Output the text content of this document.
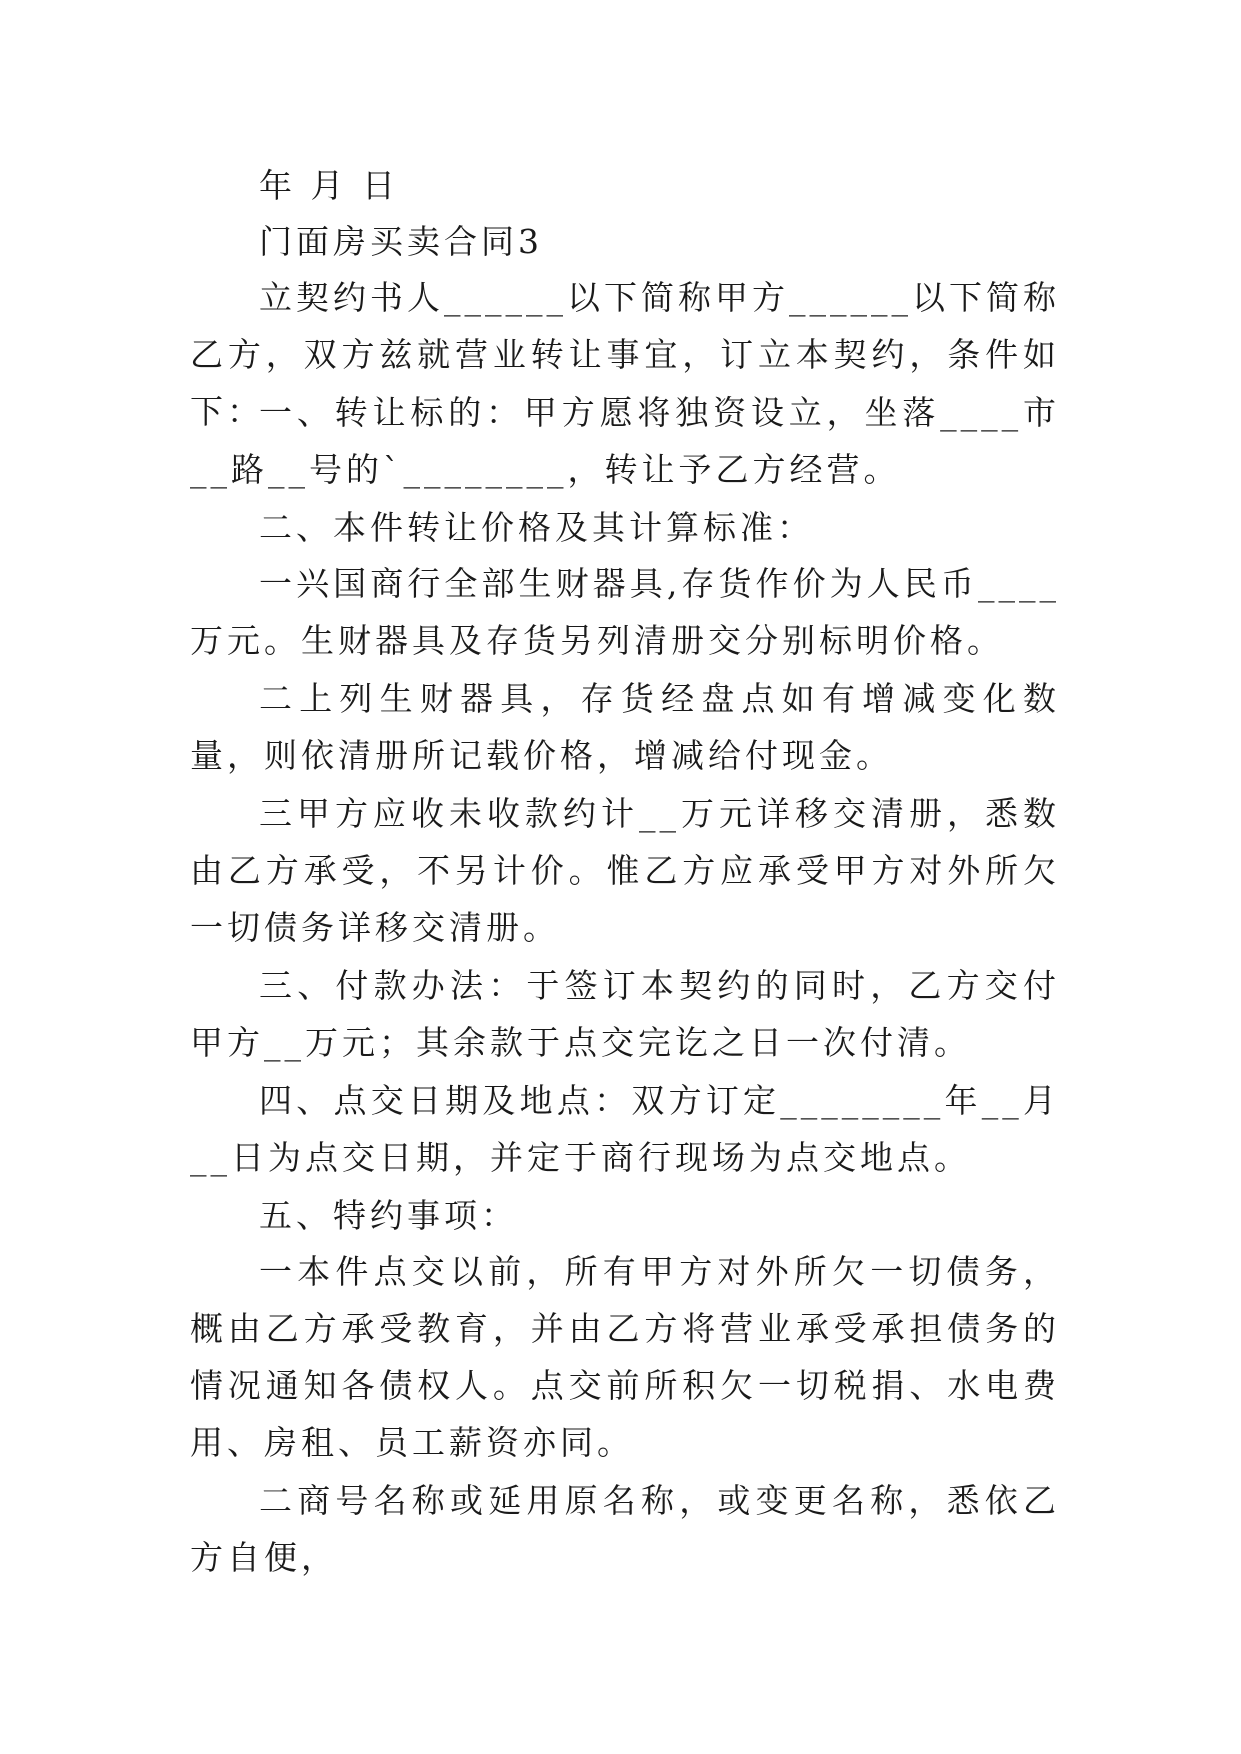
年 月 日

门面房买卖合同3

立契约书人______以下简称甲方______以下简称乙方，双方兹就营业转让事宜，订立本契约，条件如下：

一、转让标的：甲方愿将独资设立，坐落____市__路__号的`________，转让予乙方经营。

二、本件转让价格及其计算标准：

一兴国商行全部生财器具,存货作价为人民币____万元。生财器具及存货另列清册交分别标明价格。

二上列生财器具，存货经盘点如有增减变化数量，则依清册所记载价格，增减给付现金。

三甲方应收未收款约计__万元详移交清册，悉数由乙方承受，不另计价。惟乙方应承受甲方对外所欠一切债务详移交清册。

三、付款办法：于签订本契约的同时，乙方交付甲方__万元；其余款于点交完讫之日一次付清。

四、点交日期及地点：双方订定________年__月__日为点交日期，并定于商行现场为点交地点。

五、特约事项：

一本件点交以前，所有甲方对外所欠一切债务，概由乙方承受教育，并由乙方将营业承受承担债务的情况通知各债权人。点交前所积欠一切税捐、水电费用、房租、员工薪资亦同。

二商号名称或延用原名称，或变更名称，悉依乙方自便，
